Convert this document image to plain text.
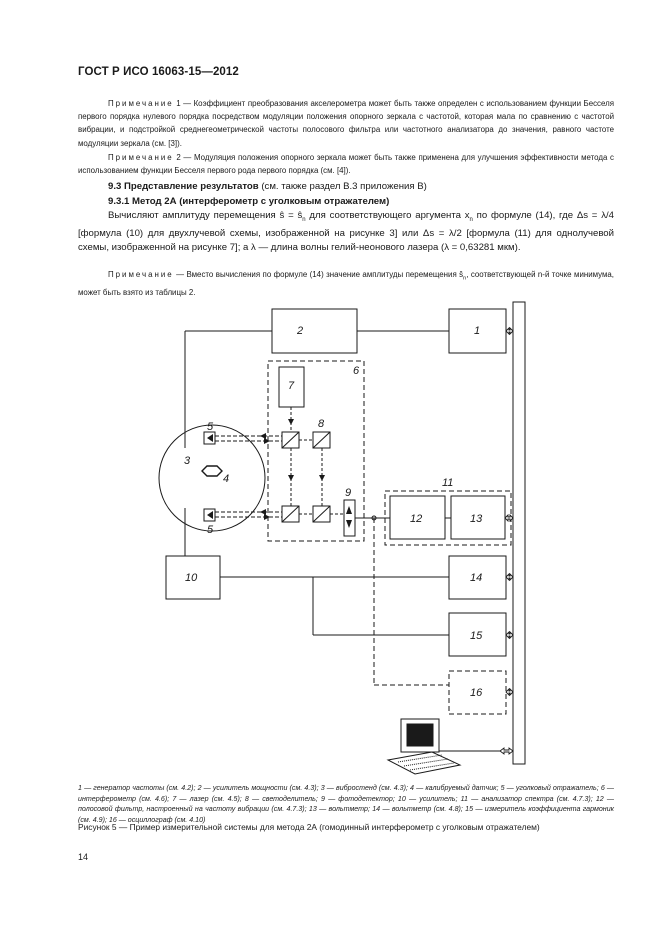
ГОСТ Р ИСО 16063-15—2012
Примечание 1 — Коэффициент преобразования акселерометра может быть также определен с использованием функции Бесселя первого порядка нулевого порядка посредством модуляции положения опорного зеркала с частотой, которая мала по сравнению с частотой вибрации, и подстройкой среднегеометрической частоты полосового фильтра или частотного анализатора до значения, равного частоте модуляции зеркала (см. [3]).
Примечание 2 — Модуляция положения опорного зеркала может быть также применена для улучшения эффективности метода с использованием функции Бесселя первого рода первого порядка (см. [4]).
9.3 Представление результатов (см. также раздел В.3 приложения В)
9.3.1 Метод 2А (интерферометр с уголковым отражателем)
Вычисляют амплитуду перемещения ŝ = $ŝ_n$ для соответствующего аргумента $x_n$ по формуле (14), где Δs = λ/4 [формула (10) для двухлучевой схемы, изображенной на рисунке 3] или Δs = λ/2 [формула (11) для однолучевой схемы, изображенной на рисунке 7]; а λ — длина волны гелий-неонового лазера (λ = 0,63281 мкм).
Примечание — Вместо вычисления по формуле (14) значение амплитуды перемещения $ŝ_n$, соответствующей n-й точке минимума, может быть взято из таблицы 2.
1
2
3
4
5
5
6
7
8
9
10
11
12	13
14
15
16
1 — генератор частоты (см. 4.2); 2 — усилитель мощности (см. 4.3); 3 — вибростенд (см. 4.3); 4 — калибруемый датчик; 5 — уголковый отражатель; 6 — интерферометр (см. 4.6); 7 — лазер (см. 4.5); 8 — светоделитель; 9 — фотодетектор; 10 — усилитель; 11 — анализатор спектра (см. 4.7.3); 12 — полосовой фильтр, настроенный на частоту вибрации (см. 4.7.3); 13 — вольтметр; 14 — вольтметр (см. 4.8); 15 — измеритель коэффициента гармоник (см. 4.9); 16 — осциллограф (см. 4.10)
Рисунок 5 — Пример измерительной системы для метода 2А (гомодинный интерферометр с уголковым отражателем)
14
